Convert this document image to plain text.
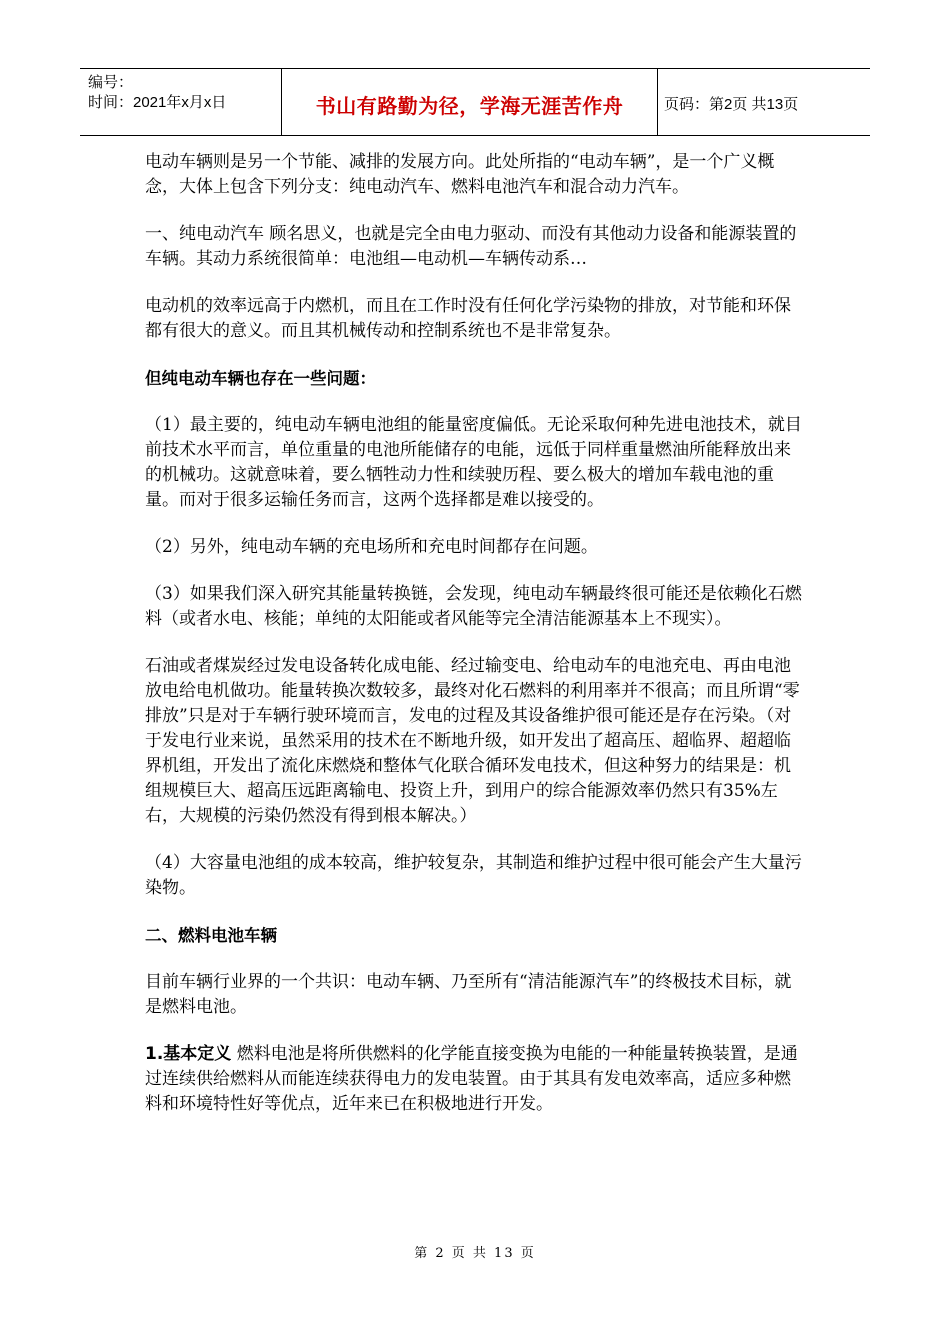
编号：
时间：2021年x月x日	书山有路勤为径，学海无涯苦作舟	页码：第2页 共13页

电动车辆则是另一个节能、减排的发展方向。此处所指的“电动车辆”，是一个广义概念，大体上包含下列分支：纯电动汽车、燃料电池汽车和混合动力汽车。

一、纯电动汽车 顾名思义，也就是完全由电力驱动、而没有其他动力设备和能源装置的车辆。其动力系统很简单：电池组—电动机—车辆传动系…

电动机的效率远高于内燃机，而且在工作时没有任何化学污染物的排放，对节能和环保都有很大的意义。而且其机械传动和控制系统也不是非常复杂。

但纯电动车辆也存在一些问题：

（1）最主要的，纯电动车辆电池组的能量密度偏低。无论采取何种先进电池技术，就目前技术水平而言，单位重量的电池所能储存的电能，远低于同样重量燃油所能释放出来的机械功。这就意味着，要么牺牲动力性和续驶历程、要么极大的增加车载电池的重量。而对于很多运输任务而言，这两个选择都是难以接受的。

（2）另外，纯电动车辆的充电场所和充电时间都存在问题。

（3）如果我们深入研究其能量转换链，会发现，纯电动车辆最终很可能还是依赖化石燃料（或者水电、核能；单纯的太阳能或者风能等完全清洁能源基本上不现实）。

石油或者煤炭经过发电设备转化成电能、经过输变电、给电动车的电池充电、再由电池放电给电机做功。能量转换次数较多，最终对化石燃料的利用率并不很高；而且所谓“零排放”只是对于车辆行驶环境而言，发电的过程及其设备维护很可能还是存在污染。（对于发电行业来说，虽然采用的技术在不断地升级，如开发出了超高压、超临界、超超临界机组，开发出了流化床燃烧和整体气化联合循环发电技术，但这种努力的结果是：机组规模巨大、超高压远距离输电、投资上升，到用户的综合能源效率仍然只有35%左右，大规模的污染仍然没有得到根本解决。）

（4）大容量电池组的成本较高，维护较复杂，其制造和维护过程中很可能会产生大量污染物。

二、燃料电池车辆

目前车辆行业界的一个共识：电动车辆、乃至所有“清洁能源汽车”的终极技术目标，就是燃料电池。

1.基本定义 燃料电池是将所供燃料的化学能直接变换为电能的一种能量转换装置，是通过连续供给燃料从而能连续获得电力的发电装置。由于其具有发电效率高，适应多种燃料和环境特性好等优点，近年来已在积极地进行开发。

第 2 页 共 13 页
